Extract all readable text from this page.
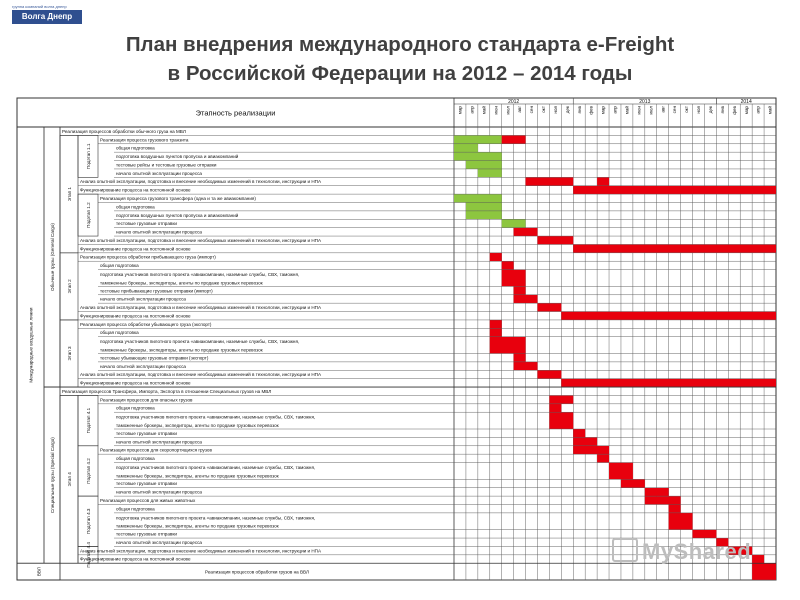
группа компаний волга днепр
Волга Днепр
План внедрения международного стандарта e-Freight
в Российской Федерации на 2012 – 2014 годы
Этапность реализации
2012	2013	2014
мар апр май июн июл авг сен окт ноя дек янв фев мар апр май июн июл авг сен окт ноя дек янв фев мар апр май
Реализация процессов обработки обычного груза на МВЛ
Реализация процесса грузового транзита
общая подготовка
подготовка воздушных пунктов пропуска и авиакомпаний
тестовые рейсы и тестовые грузовые отправки
начало опытной эксплуатации процесса
Анализ опытной эксплуатации, подготовка и внесение необходимых изменений в технологии, инструкции и НПА
Функционирование процесса на постоянной основе
Реализация процесса грузового трансфера (одна и та же авиакомпания)
общая подготовка
подготовка воздушных пунктов пропуска и авиакомпаний
тестовые грузовые отправки
начало опытной эксплуатации процесса
Анализ опытной эксплуатации, подготовка и внесение необходимых изменений в технологии, инструкции и НПА
Функционирование процесса на постоянной основе
Реализация процесса обработки прибывающего груза (импорт)
общая подготовка
подготовка участников пилотного проекта «авиакомпании, наземные службы, СВХ, таможня,
таможенные брокеры, экспедиторы, агенты по продаже грузовых перевозок
тестовые прибывающие грузовые отправки (импорт)
начало опытной эксплуатации процесса
Анализ опытной эксплуатации, подготовка и внесение необходимых изменений в технологии, инструкции и НПА
Функционирование процесса на постоянной основе
Реализация процесса обработки убывающего груза (экспорт)
общая подготовка
подготовка участников пилотного проекта «авиакомпании, наземные службы, СВХ, таможня,
таможенные брокеры, экспедиторы, агенты по продаже грузовых перевозок
тестовые убывающие грузовые отправки (экспорт)
начало опытной эксплуатации процесса
Анализ опытной эксплуатации, подготовка и внесение необходимых изменений в технологии, инструкции и НПА
Функционирование процесса на постоянной основе
Реализация процессов Трансфера, Импорта, Экспорта в отношении Специальных грузов на МВЛ
Реализация процессов для опасных грузов
общая подготовка
подготовка участников пилотного проекта «авиакомпании, наземные службы, СВХ, таможня,
таможенные брокеры, экспедиторы, агенты по продаже грузовых перевозок
тестовые грузовые отправки
начало опытной эксплуатации процесса
Реализация процессов для скоропортящихся грузов
общая подготовка
подготовка участников пилотного проекта «авиакомпании, наземные службы, СВХ, таможня,
таможенные брокеры, экспедиторы, агенты по продаже грузовых перевозок
тестовые грузовые отправки
начало опытной эксплуатации процесса
Реализация процессов для живых животных
общая подготовка
подготовка участников пилотного проекта «авиакомпании, наземные службы, СВХ, таможня,
таможенные брокеры, экспедиторы, агенты по продаже грузовых перевозок
тестовые грузовые отправки
начало опытной эксплуатации процесса
Анализ опытной эксплуатации, подготовка и внесение необходимых изменений в технологии, инструкции и НПА
Функционирование процесса на постоянной основе
Реализация процессов обработки грузов на ВВЛ
Международные воздушные линии
Обычные грузы (General Cargo)
Специальные грузы (Special Cargo)
ВВЛ
Этап 1
Этап 2
Этап 3
Этап 4
Подэтап 1.1
Подэтап 1.2
Подэтап 4.1
Подэтап 4.2
Подэтап 4.3
Подэтап 4.4	MyShared
